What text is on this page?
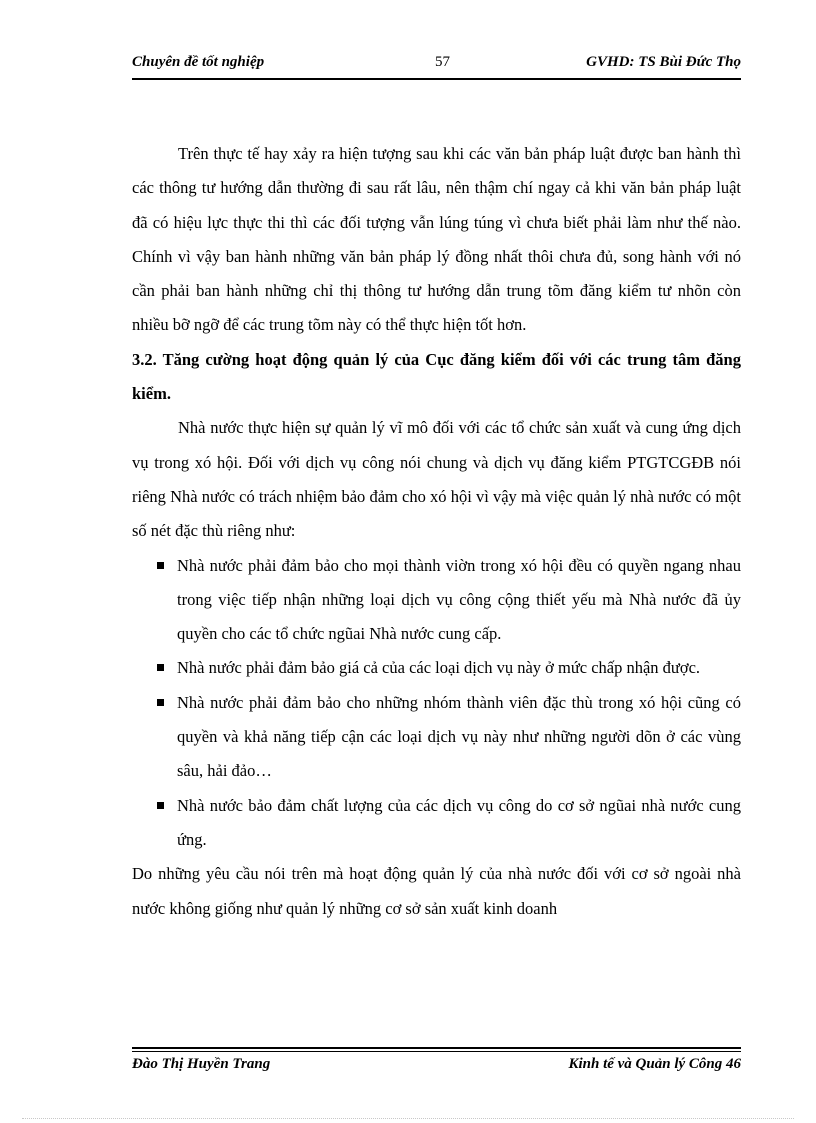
Chuyên đề tốt nghiệp	57	GVHD: TS Bùi Đức Thọ

Trên thực tế hay xảy ra hiện tượng sau khi các văn bản pháp luật được ban hành thì các thông tư hướng dẫn thường đi sau rất lâu, nên thậm chí ngay cả khi văn bản pháp luật đã có hiệu lực thực thi thì các đối tượng vẫn lúng túng vì chưa biết phải làm như thế nào. Chính vì vậy ban hành những văn bản pháp lý đồng nhất thôi chưa đủ, song hành với nó cần phải ban hành những chỉ thị thông tư hướng dẫn trung tõm đăng kiểm tư nhõn còn nhiều bỡ ngỡ để các trung tõm này có thể thực hiện tốt hơn.

3.2. Tăng cường hoạt động quản lý của Cục đăng kiểm đối với các trung tâm đăng kiểm.

Nhà nước thực hiện sự quản lý vĩ mô đối với các tổ chức sản xuất và cung ứng dịch vụ trong xó hội. Đối với dịch vụ công nói chung và dịch vụ đăng kiểm PTGTCGĐB nói riêng Nhà nước có trách nhiệm bảo đảm cho xó hội vì vậy mà việc quản lý nhà nước có một số nét đặc thù riêng như:

Nhà nước phải đảm bảo cho mọi thành viờn trong xó hội đều có quyền ngang nhau trong việc tiếp nhận những loại dịch vụ công cộng thiết yếu mà Nhà nước đã ủy quyền cho các tổ chức ngũai Nhà nước cung cấp.
Nhà nước phải đảm bảo giá cả của các loại dịch vụ này ở mức chấp nhận được.
Nhà nước phải đảm bảo cho những nhóm thành viên đặc thù trong xó hội cũng có quyền và khả năng tiếp cận các loại dịch vụ này như những người dõn ở các vùng sâu, hải đảo…
Nhà nước bảo đảm chất lượng của các dịch vụ công do cơ sở ngũai nhà nước cung ứng.

Do những yêu cầu nói trên mà hoạt động quản lý của nhà nước đối với cơ sở ngoài nhà nước không giống như quản lý những cơ sở sản xuất kinh doanh

Đào Thị Huyền Trang	Kinh tế và Quản lý Công 46
